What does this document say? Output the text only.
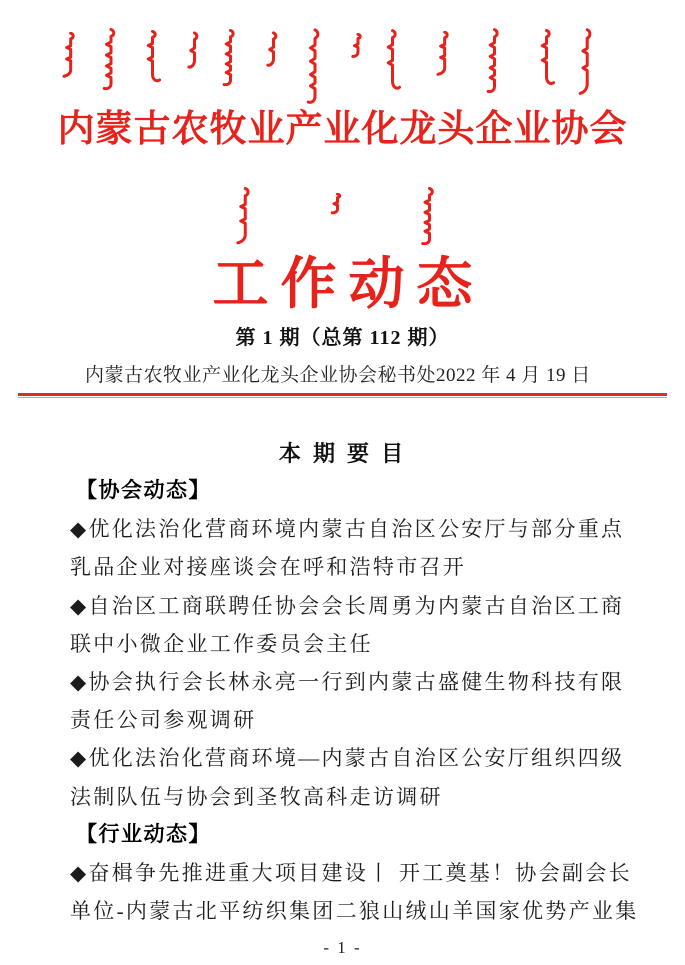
内蒙古农牧业产业化龙头企业协会
工作动态
第 1 期（总第 112 期）
内蒙古农牧业产业化龙头企业协会秘书处 2022 年 4 月 19 日
本 期 要 目
【协会动态】
◆优化法治化营商环境内蒙古自治区公安厅与部分重点
乳品企业对接座谈会在呼和浩特市召开
◆自治区工商联聘任协会会长周勇为内蒙古自治区工商
联中小微企业工作委员会主任
◆协会执行会长林永亮一行到内蒙古盛健生物科技有限
责任公司参观调研
◆优化法治化营商环境—内蒙古自治区公安厅组织四级
法制队伍与协会到圣牧高科走访调研
【行业动态】
◆奋楫争先推进重大项目建设丨 开工奠基！协会副会长
单位-内蒙古北平纺织集团二狼山绒山羊国家优势产业集
- 1 -
